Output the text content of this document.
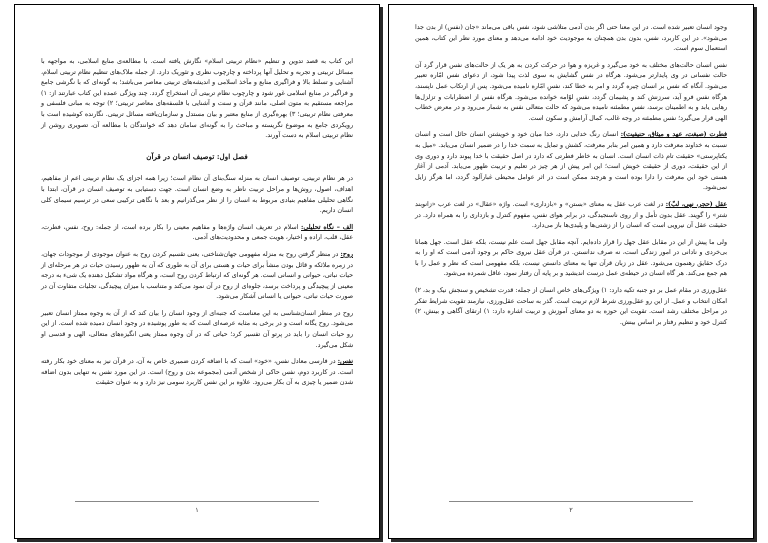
این کتاب به قصد تدوین و تنظیم «نظام تربیتی اسلام» نگارش یافته است. با مطالعه‌ی منابع اسلامی، به مواجهه با مسائل تربیتی و تجربه و تحلیل آنها پرداخته و چارچوب نظری و تئوریک دارد. از جمله ملاک‌های تنظیم نظام تربیتی اسلام، آشنایی و تسلط بالا و فراگیری منابع و مآخذ اسلامی و اندیشه‌های تربیتی معاصر می‌باشد؛ به گونه‌ای که با نگرشی جامع و فراگیر در منابع اسلامی غور شود و چارچوب نظام تربیتی آن استخراج گردد. چند ویژگی عمده این کتاب عبارتند از: ۱) مراجعه مستقیم به متون اصلی، مانند قرآن و سنت و آشنایی با فلسفه‌های معاصر تربیتی؛ ۲) توجه به مبانی فلسفی و معرفتی نظام تربیتی؛ ۳) بهره‌گیری از منابع معتبر و بیان مستدل و سازمان‌یافته مسائل تربیتی. نگارنده کوشیده است با رویکردی جامع به موضوع نگریسته و مباحث را به گونه‌ای سامان دهد که خوانندگان با مطالعه آن، تصویری روشن از نظام تربیتی اسلام به دست آورند.

فصل اول: توصیف انسان در قرآن

در هر نظام تربیتی، توصیف انسان به منزله سنگ‌بنای آن نظام است؛ زیرا همه اجزای یک نظام تربیتی اعم از مفاهیم، اهداف، اصول، روش‌ها و مراحل تربیت ناظر به وضع انسان است. جهت دستیابی به توصیف انسان در قرآن، ابتدا با نگاهی تحلیلی مفاهیم بنیادی مربوط به انسان را از نظر می‌گذرانیم و بعد با نگاهی ترکیبی سعی در ترسیم سیمای کلی انسان داریم.

الف – نگاه تحلیلی: اسلام در تعریف انسان واژه‌ها و مفاهیم معینی را بکار برده است، از جمله: روح، نفس، فطرت، عقل، قلب، اراده و اختیار، هویت جمعی و محدودیت‌های آدمی.

روح: در منظر گرفتن روح به منزله مفهومی جهان‌شناختی، یعنی تقسیم کردن روح به عنوان موجودی از موجودات جهان، در زمره ملائکه و قائل بودن منشأ برای حیات و هستی برای آن به طوری که آن به ظهور رسیدن حیات در هر مرحله‌ای از حیات نباتی، حیوانی و انسانی است. هر گونه‌ای که ارتباط کردن روح است، و هرگاه مواد تشکیل دهنده یک شیء به درجه معینی از پیچیدگی و پرداخت برسد، جلوه‌ای از روح در آن نمود می‌کند و متناسب با میزان پیچیدگی، تجلیات متفاوت آن در صورت حیات نباتی، حیوانی یا انسانی آشکار می‌شود.

روح در منظر انسان‌شناسی به این معناست که جنبه‌ای از وجود انسان را بیان کند که از آن به وجوه ممتاز انسان تعبیر می‌شود. روح یگانه است و در برخی به مثابه عرصه‌ای است که به طور پوشیده در وجود انسان دمیده شده است. از این رو حیات انسان را باید در پرتو آن تفسیر کرد؛ حیاتی که در آن وجوه ممتاز یعنی انگیزه‌های متعالی، الهی و قدسی او شکل می‌گیرد.

نفس: در فارسی معادل نفس، «خود» است که با اضافه کردن ضمیری خاص به آن، در قرآن نیز به معنای خود بکار رفته است. در کاربرد دوم، نفس حاکی از شخص آدمی (مجموعه بدن و روح) است. در این مورد نفس به تنهایی بدون اضافه شدن ضمیر یا چیزی به آن بکار می‌رود. علاوه بر این نفس کاربرد سومی نیز دارد و به عنوان حقیقت

۱

وجود انسان تعبیر شده است. در این معنا حتی اگر بدن آدمی متلاشی شود، نفس باقی می‌ماند «جان (نفس) از بدن جدا می‌شود». در این کاربرد، نفس، بدون بدن همچنان به موجودیت خود ادامه می‌دهد و معنای مورد نظر این کتاب، همین استعمال سوم است.

نفس انسان حالت‌های مختلف به خود می‌گیرد و غریزه و هوا در حرکت کردن به هر یک از حالت‌های نفس قرار گرد آن حالت نفسانی در وی پایدارتر می‌شود. هرگاه در نفس گشایش به سوی لذت پیدا شود، از دعوای نفس امّاره تعبیر می‌شود. آنگاه که نفس بر انسان چیره گردد و امر به خطا کند، نفسِ امّاره نامیده می‌شود. پس از ارتکاب عمل ناپسند، هرگاه نفس فرو آید، سرزنش کند و پشیمان گردد، نفسِ لوّامه خوانده می‌شود. هرگاه نفس از اضطرابات و تزلزل‌ها رهایی یابد و به اطمینان برسد، نفسِ مطمئنه نامیده می‌شود که حالت متعالی نفس به شمار می‌رود و در معرض خطاب الهی قرار می‌گیرد؛ نفس مطمئنه در وجه غالب، کمال آرامش و سکون است.

فطرت (صبغت، عهد و میثاق، حنیفیت): انسان رنگ خدایی دارد، خدا میان خود و خویشتن انسان حائل است و انسان نسبت به خداوند معرفت دارد و همین امر بنابر معرفت، کشش و تمایل به سمت خدا را در ضمیر انسان می‌یابد. «میل به یکتاپرستی» حقیقت تام ذات انسان است. انسان به خاطر فطرتی که دارد در اصل حقیقت با خدا پیوند دارد و دوری وی از این حقیقت، دوری از حقیقت خویش است؛ این امر پیش از هر چیز در تعلیم و تربیت ظهور می‌یابد. آدمی از آغاز هستی خود این معرفت را دارا بوده است و هرچند ممکن است در اثر عوامل محیطی غبارآلود گردد، اما هرگز زایل نمی‌شود.

عقل (حجر، نهی، لبّ): در لغت عرب عقل به معنای «بستن» و «بازداری» است. واژه «عقال» در لغت عرب «زانوبند شتر» را گویند. عقل بدون تأمل و از روی ناسنجیدگی، در برابر هوای نفس، مفهوم کنترل و بازداری را به همراه دارد. در حقیقت عقل آن نیرویی است که انسان را از زشتی‌ها و پلیدی‌ها باز می‌دارد.

ولی ما پیش از این در مقابل عقل جهل را قرار داده‌ایم. آنچه مقابل جهل است علم نیست، بلکه عقل است. جهل همانا بی‌خردی و نادانی در امور زندگی است، نه صرف ندانستن. در قرآن عقل نیروی حاکم بر وجود آدمی است که او را به درک حقایق رهنمون می‌شود. عقل در زبان قرآن تنها به معنای دانستن نیست، بلکه مفهومی است که نظر و عمل را با هم جمع می‌کند. هر گاه انسان در حیطه‌ی عمل درست اندیشید و بر پایه آن رفتار نمود، عاقل شمرده می‌شود.

عقل‌ورزی در مقام عمل بر دو جنبه تکیه دارد: ۱) ویژگی‌های خاص انسان از جمله: قدرت تشخیص و سنجش نیک و بد، ۲) امکان انتخاب و عمل. از این رو عقل‌ورزی شرط لازم تربیت است. گذر به ساحت عقل‌ورزی، نیازمند تقویت شرایط تفکر در مراحل مختلف رشد است. تقویت این حوزه به دو معنای آموزش و تربیت اشاره دارد: ۱) ارتقای آگاهی و بینش، ۲) کنترل خود و تنظیم رفتار بر اساس بینش.

۲
